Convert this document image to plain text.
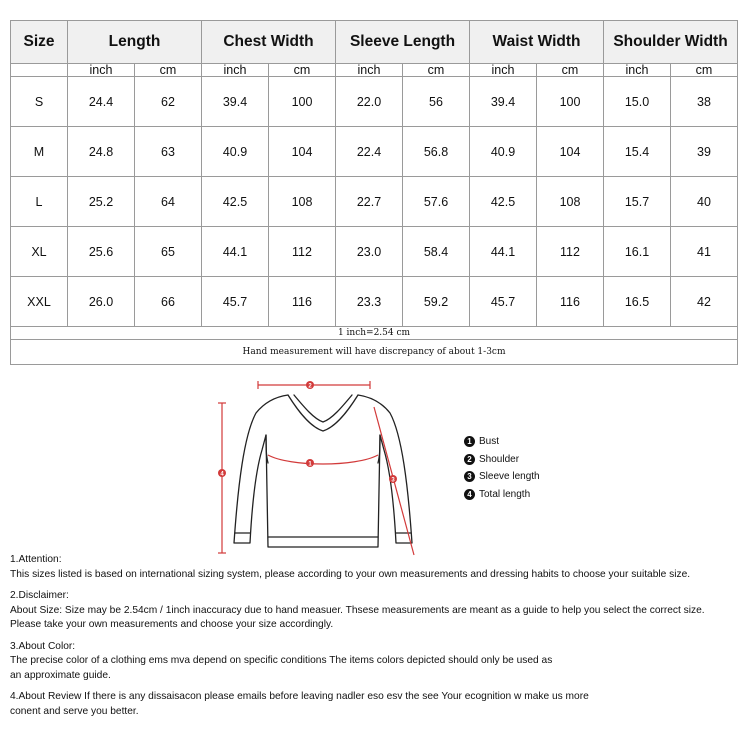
Size	Length		Chest Width		Sleeve Length		Waist Width		Shoulder Width	
	inch	cm	inch	cm	inch	cm	inch	cm	inch	cm
S	24.4	62	39.4	100	22.0	56	39.4	100	15.0	38
M	24.8	63	40.9	104	22.4	56.8	40.9	104	15.4	39
L	25.2	64	42.5	108	22.7	57.6	42.5	108	15.7	40
XL	25.6	65	44.1	112	23.0	58.4	44.1	112	16.1	41
XXL	26.0	66	45.7	116	23.3	59.2	45.7	116	16.5	42
1 inch=2.54 cm										
Hand measurement will have discrepancy of about 1-3cm										
2
1
4
3
1 Bust
2 Shoulder
3 Sleeve length
4 Total length
1.Attention:
This sizes listed is based on international sizing system, please according to your own measurements and dressing habits to choose your suitable size.
2.Disclaimer:
About Size: Size may be 2.54cm / 1inch inaccuracy due to hand measuer. Thsese measurements are meant as a guide to help you select the correct size.
Please take your own measurements and choose your size accordingly.
3.About Color:
The precise color of a clothing ems mva depend on specific conditions The items colors depicted should only be used as
an approximate guide.
4.About Review If there is any dissaisacon please emails before leaving nadler eso esv the see Your ecognition w make us more
conent and serve you better.
